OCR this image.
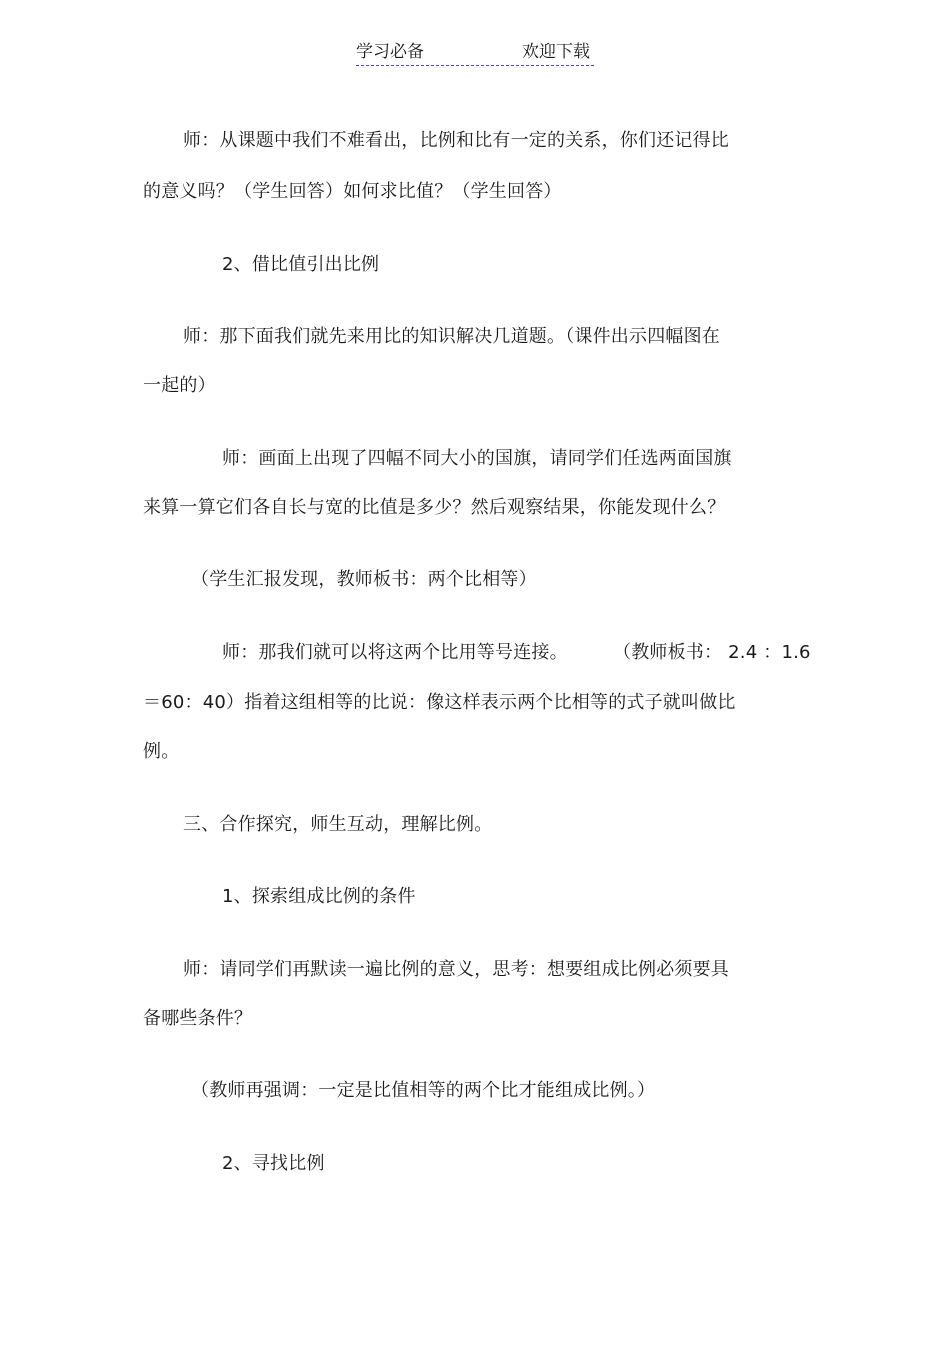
学习必备	欢迎下载
师：从课题中我们不难看出，比例和比有一定的关系，你们还记得比
的意义吗？（学生回答）如何求比值？（学生回答）
2、借比值引出比例
师：那下面我们就先来用比的知识解决几道题。（课件出示四幅图在
一起的）
师：画面上出现了四幅不同大小的国旗，请同学们任选两面国旗
来算一算它们各自长与宽的比值是多少？然后观察结果，你能发现什么？
（学生汇报发现，教师板书：两个比相等）
师：那我们就可以将这两个比用等号连接。	（教师板书： 2.4 ：1.6
＝60：40）指着这组相等的比说：像这样表示两个比相等的式子就叫做比
例。
三、合作探究，师生互动，理解比例。
1、探索组成比例的条件
师：请同学们再默读一遍比例的意义，思考：想要组成比例必须要具
备哪些条件？
（教师再强调：一定是比值相等的两个比才能组成比例。）
2、寻找比例
